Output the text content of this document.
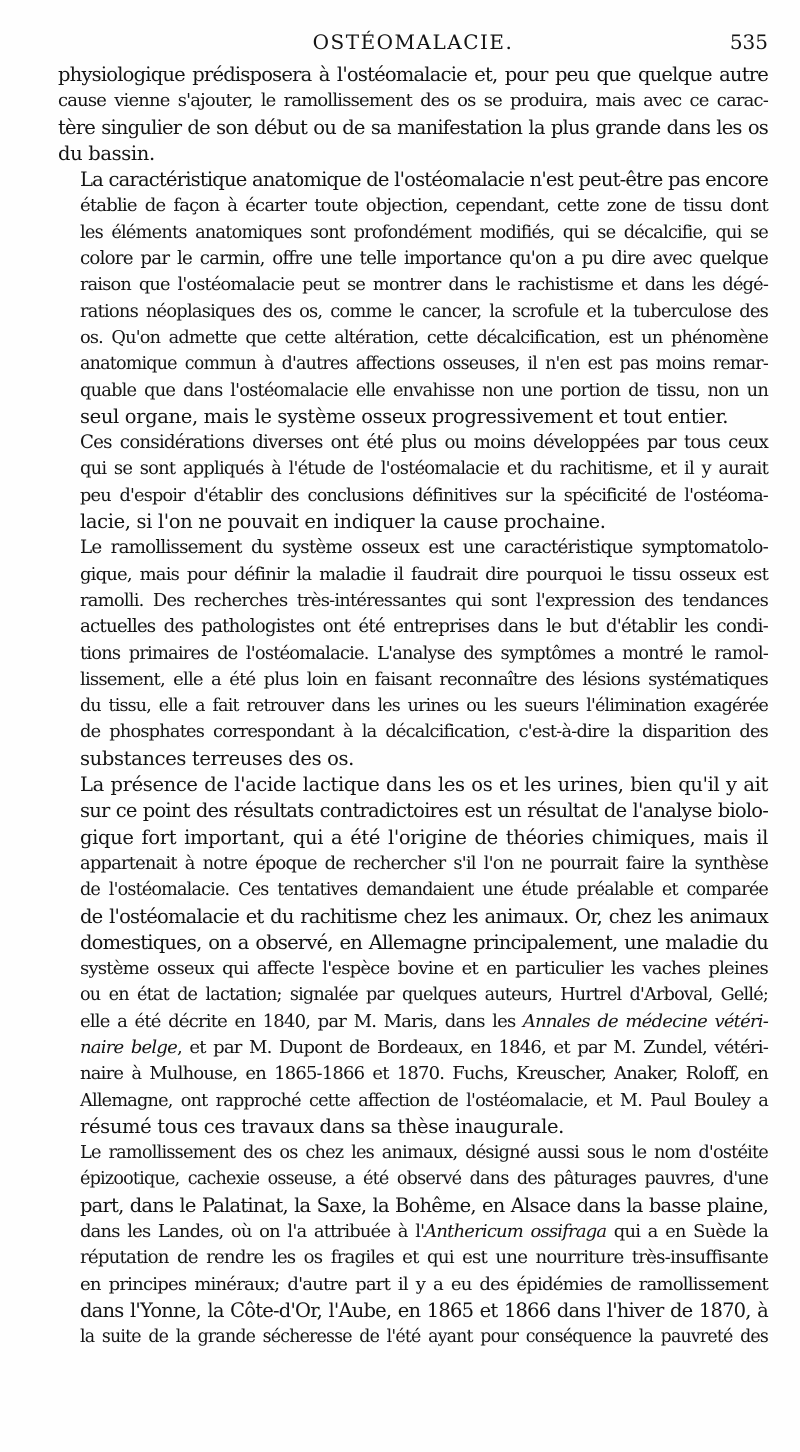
OSTÉOMALACIE.	535
physiologique prédisposera à l'ostéomalacie et, pour peu que quelque autre
cause vienne s'ajouter, le ramollissement des os se produira, mais avec ce carac-
tère singulier de son début ou de sa manifestation la plus grande dans les os
du bassin.
La caractéristique anatomique de l'ostéomalacie n'est peut-être pas encore
établie de façon à écarter toute objection, cependant, cette zone de tissu dont
les éléments anatomiques sont profondément modifiés, qui se décalcifie, qui se
colore par le carmin, offre une telle importance qu'on a pu dire avec quelque
raison que l'ostéomalacie peut se montrer dans le rachistisme et dans les dégé-
rations néoplasiques des os, comme le cancer, la scrofule et la tuberculose des
os. Qu'on admette que cette altération, cette décalcification, est un phénomène
anatomique commun à d'autres affections osseuses, il n'en est pas moins remar-
quable que dans l'ostéomalacie elle envahisse non une portion de tissu, non un
seul organe, mais le système osseux progressivement et tout entier.
Ces considérations diverses ont été plus ou moins développées par tous ceux
qui se sont appliqués à l'étude de l'ostéomalacie et du rachitisme, et il y aurait
peu d'espoir d'établir des conclusions définitives sur la spécificité de l'ostéoma-
lacie, si l'on ne pouvait en indiquer la cause prochaine.
Le ramollissement du système osseux est une caractéristique symptomatolo-
gique, mais pour définir la maladie il faudrait dire pourquoi le tissu osseux est
ramolli. Des recherches très-intéressantes qui sont l'expression des tendances
actuelles des pathologistes ont été entreprises dans le but d'établir les condi-
tions primaires de l'ostéomalacie. L'analyse des symptômes a montré le ramol-
lissement, elle a été plus loin en faisant reconnaître des lésions systématiques
du tissu, elle a fait retrouver dans les urines ou les sueurs l'élimination exagérée
de phosphates correspondant à la décalcification, c'est-à-dire la disparition des
substances terreuses des os.
La présence de l'acide lactique dans les os et les urines, bien qu'il y ait
sur ce point des résultats contradictoires est un résultat de l'analyse biolo-
gique fort important, qui a été l'origine de théories chimiques, mais il
appartenait à notre époque de rechercher s'il l'on ne pourrait faire la synthèse
de l'ostéomalacie. Ces tentatives demandaient une étude préalable et comparée
de l'ostéomalacie et du rachitisme chez les animaux. Or, chez les animaux
domestiques, on a observé, en Allemagne principalement, une maladie du
système osseux qui affecte l'espèce bovine et en particulier les vaches pleines
ou en état de lactation; signalée par quelques auteurs, Hurtrel d'Arboval, Gellé;
elle a été décrite en 1840, par M. Maris, dans les Annales de médecine vétéri-
naire belge, et par M. Dupont de Bordeaux, en 1846, et par M. Zundel, vétéri-
naire à Mulhouse, en 1865-1866 et 1870. Fuchs, Kreuscher, Anaker, Roloff, en
Allemagne, ont rapproché cette affection de l'ostéomalacie, et M. Paul Bouley a
résumé tous ces travaux dans sa thèse inaugurale.
Le ramollissement des os chez les animaux, désigné aussi sous le nom d'ostéite
épizootique, cachexie osseuse, a été observé dans des pâturages pauvres, d'une
part, dans le Palatinat, la Saxe, la Bohême, en Alsace dans la basse plaine,
dans les Landes, où on l'a attribuée à l'Anthericum ossifraga qui a en Suède la
réputation de rendre les os fragiles et qui est une nourriture très-insuffisante
en principes minéraux; d'autre part il y a eu des épidémies de ramollissement
dans l'Yonne, la Côte-d'Or, l'Aube, en 1865 et 1866 dans l'hiver de 1870, à
la suite de la grande sécheresse de l'été ayant pour conséquence la pauvreté des
